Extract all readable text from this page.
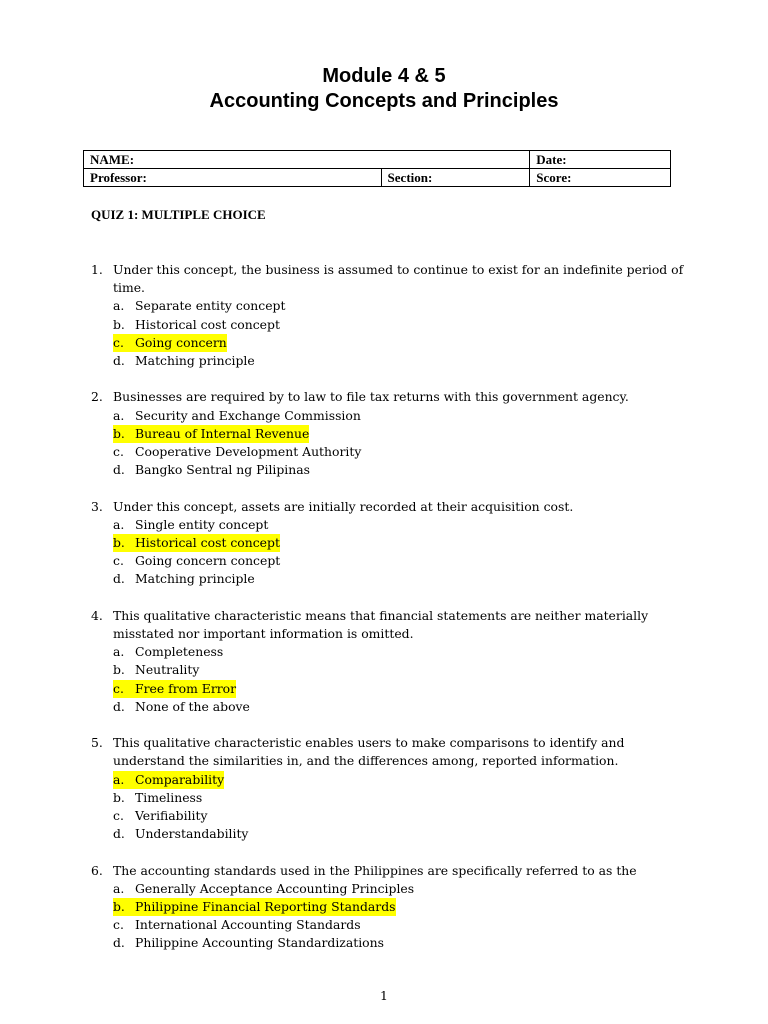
Module 4 & 5
Accounting Concepts and Principles
NAME:		Date:
Professor:	Section:	Score:
QUIZ 1: MULTIPLE CHOICE
1. Under this concept, the business is assumed to continue to exist for an indefinite period of time.
a. Separate entity concept
b. Historical cost concept
c. Going concern
d. Matching principle
2. Businesses are required by to law to file tax returns with this government agency.
a. Security and Exchange Commission
b. Bureau of Internal Revenue
c. Cooperative Development Authority
d. Bangko Sentral ng Pilipinas
3. Under this concept, assets are initially recorded at their acquisition cost.
a. Single entity concept
b. Historical cost concept
c. Going concern concept
d. Matching principle
4. This qualitative characteristic means that financial statements are neither materially misstated nor important information is omitted.
a. Completeness
b. Neutrality
c. Free from Error
d. None of the above
5. This qualitative characteristic enables users to make comparisons to identify and understand the similarities in, and the differences among, reported information.
a. Comparability
b. Timeliness
c. Verifiability
d. Understandability
6. The accounting standards used in the Philippines are specifically referred to as the
a. Generally Acceptance Accounting Principles
b. Philippine Financial Reporting Standards
c. International Accounting Standards
d. Philippine Accounting Standardizations
1
